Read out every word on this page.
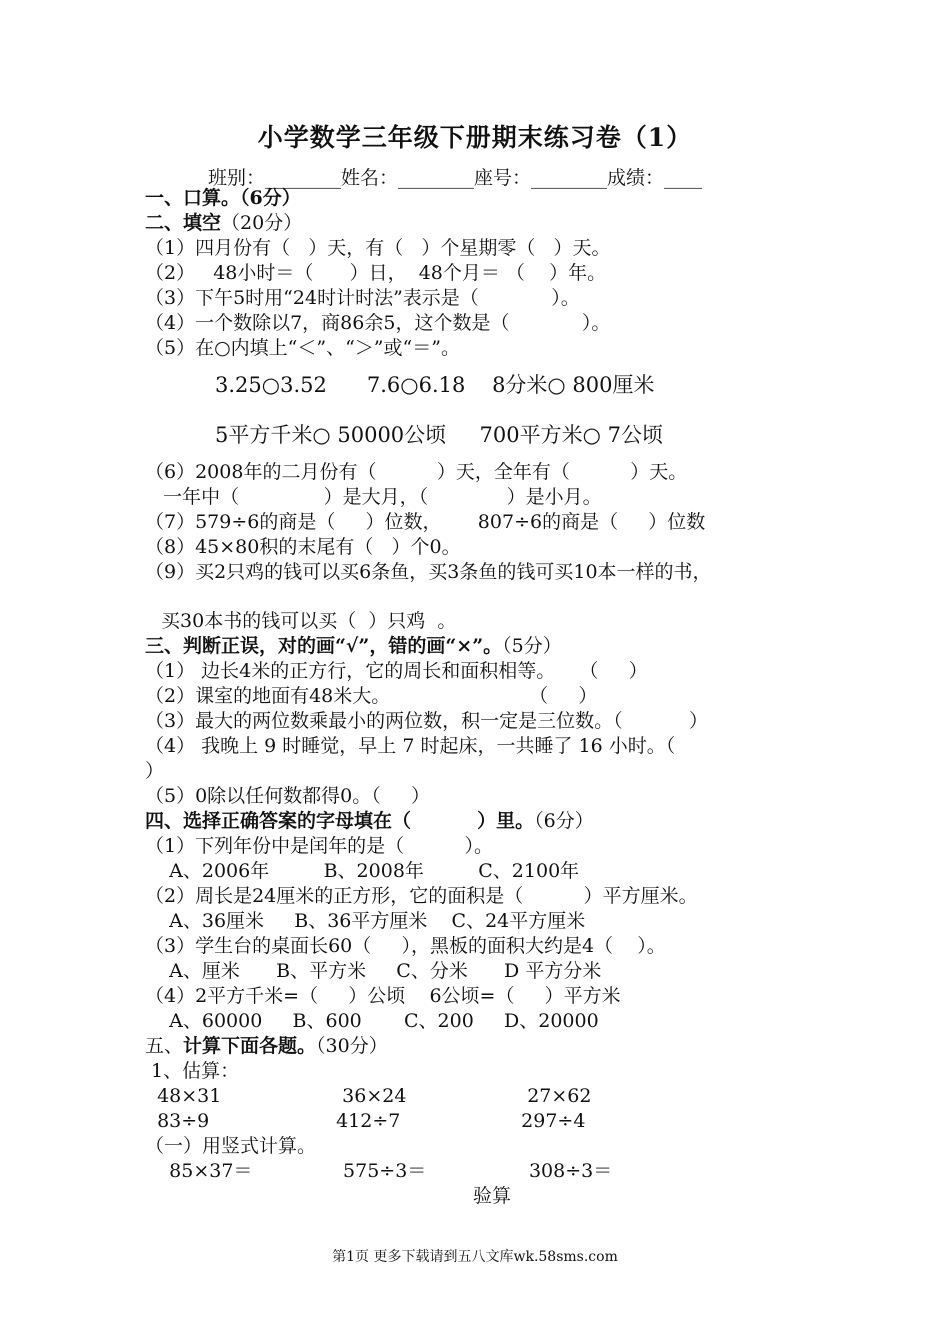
小学数学三年级下册期末练习卷（1）
班别：________姓名：________座号：________成绩：____
一、口算。（6分）
二、填空（20分）
（1）四月份有（   ）天，有（   ）个星期零（   ）天。
（2）   48小时＝（      ）日，  48个月＝ （    ）年。
（3）下午5时用“24时计时法”表示是（            ）。
（4）一个数除以7，商86余5，这个数是（            ）。
（5）在○内填上“＜”、“＞”或“＝”。
3.25○3.52      7.6○6.18    8分米○ 800厘米
5平方千米○ 50000公顷     700平方米○ 7公顷
（6）2008年的二月份有（          ）天，全年有（          ）天。
一年中（              ）是大月，（             ）是小月。
（7）579÷6的商是（     ）位数，      807÷6的商是（     ）位数
（8）45×80积的末尾有（   ）个0。
（9）买2只鸡的钱可以买6条鱼，买3条鱼的钱可买10本一样的书，
买30本书的钱可以买（  ）只鸡  。
三、判断正误，对的画“√”，错的画“×”。（5分）
（1） 边长4米的正方行，它的周长和面积相等。    （     ）
（2）课室的地面有48米大。                       （     ）
（3）最大的两位数乘最小的两位数，积一定是三位数。（           ）
（4） 我晚上 9 时睡觉，早上 7 时起床，一共睡了 16 小时。（
）
（5）0除以任何数都得0。（     ）
四、选择正确答案的字母填在（          ）里。（6分）
（1）下列年份中是闰年的是（          ）。
A、2006年         B、2008年         C、2100年
（2）周长是24厘米的正方形，它的面积是（          ）平方厘米。
A、36厘米     B、36平方厘米    C、24平方厘米
（3）学生台的桌面长60（     ），黑板的面积大约是4（    ）。
A、厘米      B、平方米     C、分米      D 平方分米
（4）2平方千米=（     ）公顷    6公顷=（     ）平方米
A、60000     B、600       C、200     D、20000
五、计算下面各题。（30分）
1、估算：
48×31                    36×24                    27×62
83÷9                     412÷7                    297÷4
（一）用竖式计算。
85×37＝               575÷3＝                 308÷3＝
验算
第1页 更多下载请到五八文库wk.58sms.com
